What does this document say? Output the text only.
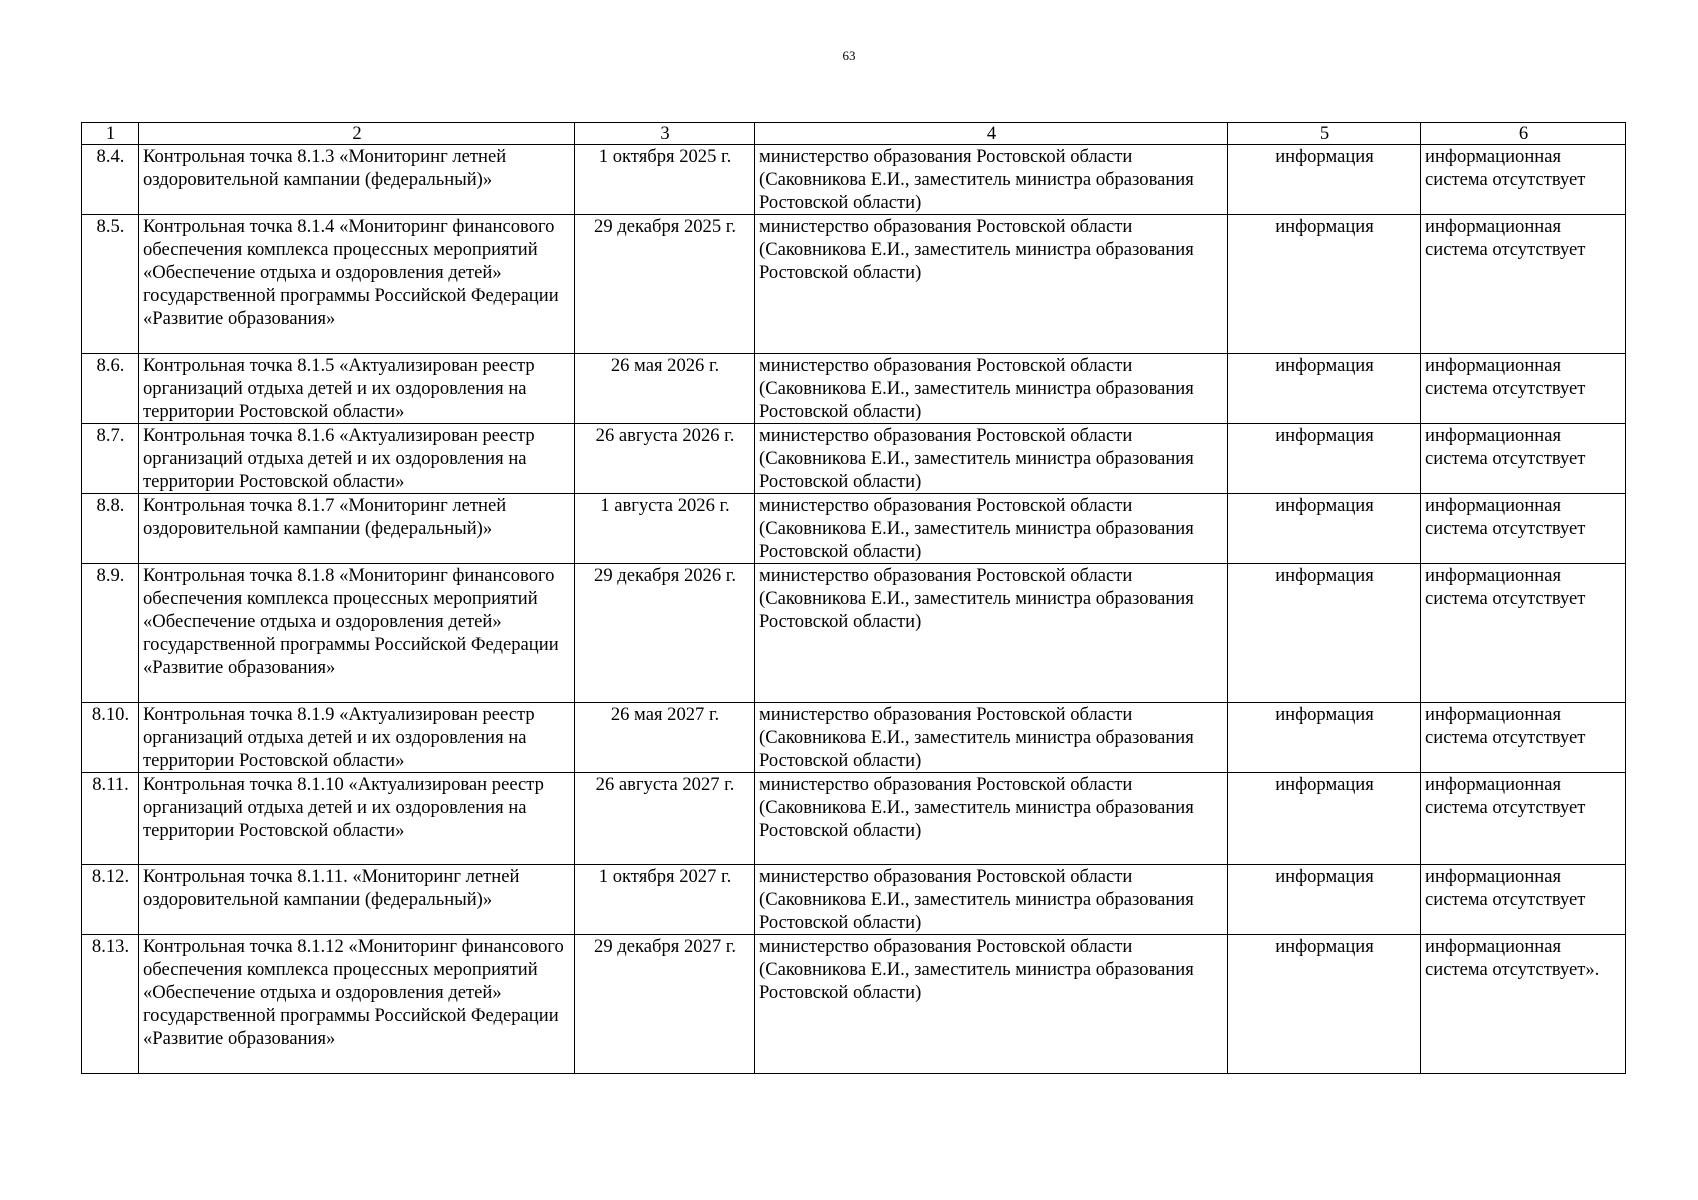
63
1	2	3	4	5	6
8.4.	Контрольная точка 8.1.3 «Мониторинг летней оздоровительной кампании (федеральный)»	1 октября 2025 г.	министерство образования Ростовской области (Саковникова Е.И., заместитель министра образования Ростовской области)	информация	информационная система отсутствует
8.5.	Контрольная точка 8.1.4 «Мониторинг финансового обеспечения комплекса процессных мероприятий «Обеспечение отдыха и оздоровления детей» государственной программы Российской Федерации «Развитие образования»	29 декабря 2025 г.	министерство образования Ростовской области (Саковникова Е.И., заместитель министра образования Ростовской области)	информация	информационная система отсутствует
8.6.	Контрольная точка 8.1.5 «Актуализирован реестр организаций отдыха детей и их оздоровления на территории Ростовской области»	26 мая 2026 г.	министерство образования Ростовской области (Саковникова Е.И., заместитель министра образования Ростовской области)	информация	информационная система отсутствует
8.7.	Контрольная точка 8.1.6 «Актуализирован реестр организаций отдыха детей и их оздоровления на территории Ростовской области»	26 августа 2026 г.	министерство образования Ростовской области (Саковникова Е.И., заместитель министра образования Ростовской области)	информация	информационная система отсутствует
8.8.	Контрольная точка 8.1.7 «Мониторинг летней оздоровительной кампании (федеральный)»	1 августа 2026 г.	министерство образования Ростовской области (Саковникова Е.И., заместитель министра образования Ростовской области)	информация	информационная система отсутствует
8.9.	Контрольная точка 8.1.8 «Мониторинг финансового обеспечения комплекса процессных мероприятий «Обеспечение отдыха и оздоровления детей» государственной программы Российской Федерации «Развитие образования»	29 декабря 2026 г.	министерство образования Ростовской области (Саковникова Е.И., заместитель министра образования Ростовской области)	информация	информационная система отсутствует
8.10.	Контрольная точка 8.1.9 «Актуализирован реестр организаций отдыха детей и их оздоровления на территории Ростовской области»	26 мая 2027 г.	министерство образования Ростовской области (Саковникова Е.И., заместитель министра образования Ростовской области)	информация	информационная система отсутствует
8.11.	Контрольная точка 8.1.10 «Актуализирован реестр организаций отдыха детей и их оздоровления на территории Ростовской области»	26 августа 2027 г.	министерство образования Ростовской области (Саковникова Е.И., заместитель министра образования Ростовской области)	информация	информационная система отсутствует
8.12.	Контрольная точка 8.1.11. «Мониторинг летней оздоровительной кампании (федеральный)»	1 октября 2027 г.	министерство образования Ростовской области (Саковникова Е.И., заместитель министра образования Ростовской области)	информация	информационная система отсутствует
8.13.	Контрольная точка 8.1.12 «Мониторинг финансового обеспечения комплекса процессных мероприятий «Обеспечение отдыха и оздоровления детей» государственной программы Российской Федерации «Развитие образования»	29 декабря 2027 г.	министерство образования Ростовской области (Саковникова Е.И., заместитель министра образования Ростовской области)	информация	информационная система отсутствует».
